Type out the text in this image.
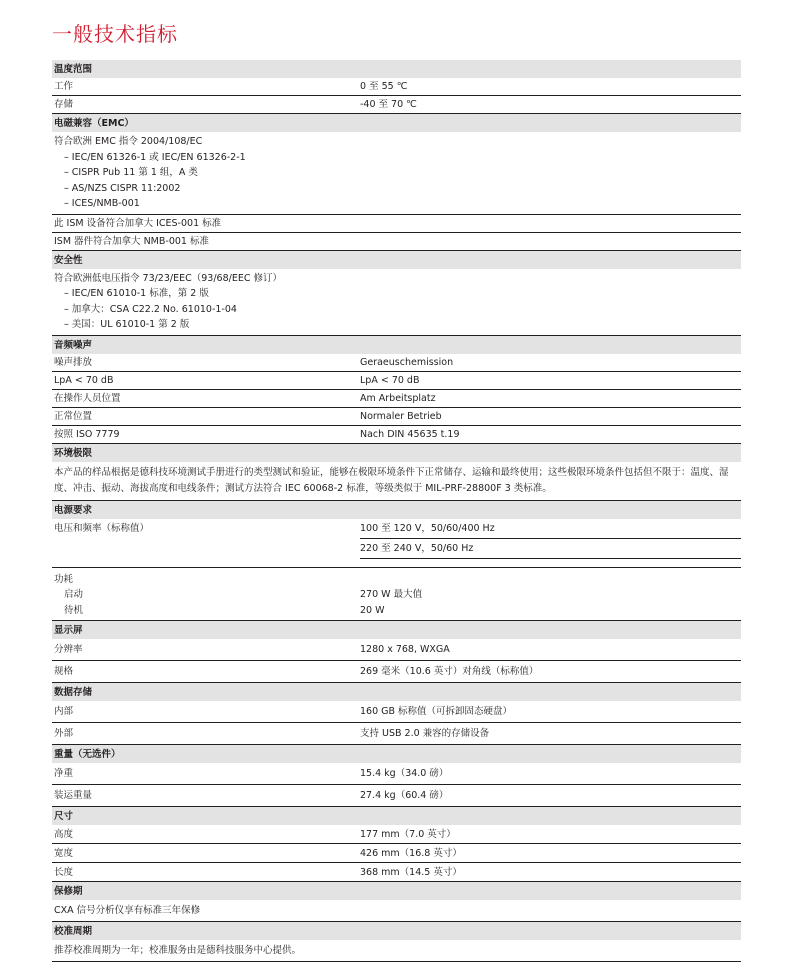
一般技术指标
温度范围
工作	0 至 55 ℃
存储	-40 至 70 ℃
电磁兼容（EMC）
符合欧洲 EMC 指令 2004/108/EC
– IEC/EN 61326-1 或 IEC/EN 61326-2-1
– CISPR Pub 11 第 1 组，A 类
– AS/NZS CISPR 11:2002
– ICES/NMB-001
此 ISM 设备符合加拿大 ICES-001 标准
ISM 器件符合加拿大 NMB-001 标准
安全性
符合欧洲低电压指令 73/23/EEC（93/68/EEC 修订）
– IEC/EN 61010-1 标准，第 2 版
– 加拿大：CSA C22.2 No. 61010-1-04
– 美国：UL 61010-1 第 2 版
音频噪声
噪声排放	Geraeuschemission
LpA < 70 dB	LpA < 70 dB
在操作人员位置	Am Arbeitsplatz
正常位置	Normaler Betrieb
按照 ISO 7779	Nach DIN 45635 t.19
环境极限
本产品的样品根据是德科技环境测试手册进行的类型测试和验证，能够在极限环境条件下正常储存、运输和最终使用；这些极限环境条件包括但不限于：温度、湿度、冲击、振动、海拔高度和电线条件；测试方法符合 IEC 60068-2 标准，等级类似于 MIL-PRF-28800F 3 类标准。
电源要求
电压和频率（标称值）	100 至 120 V，50/60/400 Hz
220 至 240 V，50/60 Hz
功耗
启动	270 W 最大值
待机	20 W
显示屏
分辨率	1280 x 768, WXGA
规格	269 毫米（10.6 英寸）对角线（标称值）
数据存储
内部	160 GB 标称值（可拆卸固态硬盘）
外部	支持 USB 2.0 兼容的存储设备
重量（无选件）
净重	15.4 kg（34.0 磅）
装运重量	27.4 kg（60.4 磅）
尺寸
高度	177 mm（7.0 英寸）
宽度	426 mm（16.8 英寸）
长度	368 mm（14.5 英寸）
保修期
CXA 信号分析仪享有标准三年保修
校准周期
推荐校准周期为一年；校准服务由是德科技服务中心提供。
